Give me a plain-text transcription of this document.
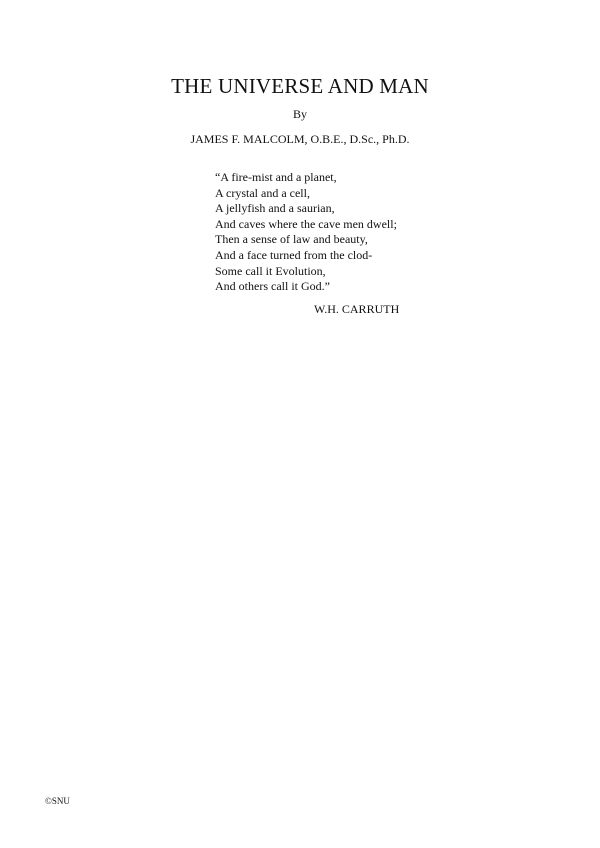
THE UNIVERSE AND MAN
By
JAMES F. MALCOLM, O.B.E., D.Sc., Ph.D.
“A fire-mist and a planet,
A crystal and a cell,
A jellyfish and a saurian,
And caves where the cave men dwell;
Then a sense of law and beauty,
And a face turned from the clod-
Some call it Evolution,
And others call it God.”
W.H. CARRUTH
©SNU
